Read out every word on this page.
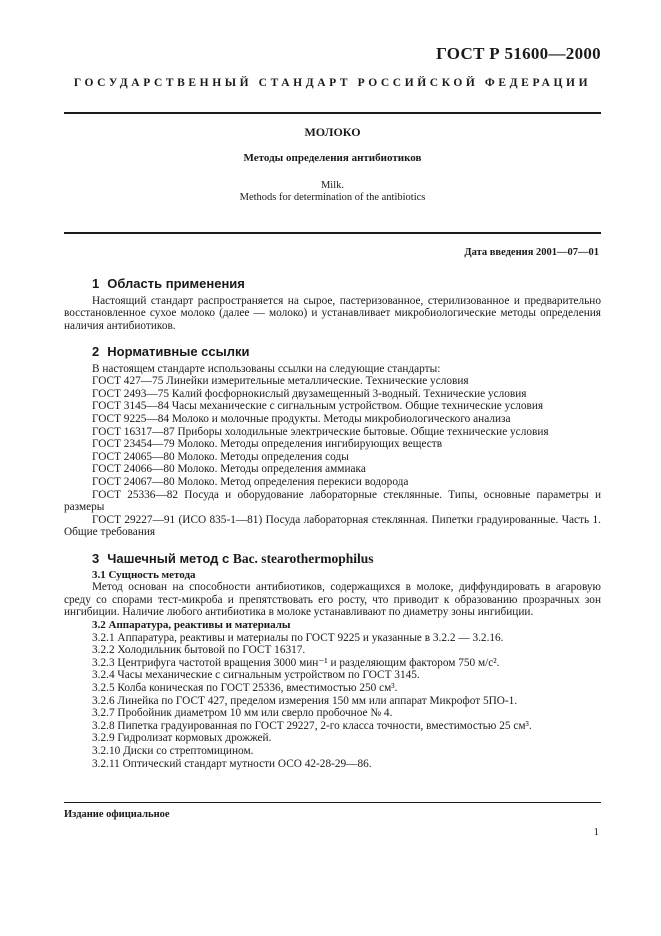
ГОСТ Р 51600—2000
ГОСУДАРСТВЕННЫЙ СТАНДАРТ РОССИЙСКОЙ ФЕДЕРАЦИИ
МОЛОКО
Методы определения антибиотиков
Milk.
Methods for determination of the antibiotics
Дата введения 2001—07—01

1 Область применения

Настоящий стандарт распространяется на сырое, пастеризованное, стерилизованное и предварительно восстановленное сухое молоко (далее — молоко) и устанавливает микробиологические методы определения наличия антибиотиков.

2 Нормативные ссылки

В настоящем стандарте использованы ссылки на следующие стандарты:

ГОСТ 427—75 Линейки измерительные металлические. Технические условия

ГОСТ 2493—75 Калий фосфорнокислый двузамещенный 3-водный. Технические условия

ГОСТ 3145—84 Часы механические с сигнальным устройством. Общие технические условия

ГОСТ 9225—84 Молоко и молочные продукты. Методы микробиологического анализа

ГОСТ 16317—87 Приборы холодильные электрические бытовые. Общие технические условия

ГОСТ 23454—79 Молоко. Методы определения ингибирующих веществ

ГОСТ 24065—80 Молоко. Методы определения соды

ГОСТ 24066—80 Молоко. Методы определения аммиака

ГОСТ 24067—80 Молоко. Метод определения перекиси водорода

ГОСТ 25336—82 Посуда и оборудование лабораторные стеклянные. Типы, основные параметры и размеры

ГОСТ 29227—91 (ИСО 835-1—81) Посуда лабораторная стеклянная. Пипетки градуированные. Часть 1. Общие требования

3 Чашечный метод с Bac. stearothermophilus

3.1 Сущность метода

Метод основан на способности антибиотиков, содержащихся в молоке, диффундировать в агаровую среду со спорами тест-микроба и препятствовать его росту, что приводит к образованию прозрачных зон ингибиции. Наличие любого антибиотика в молоке устанавливают по диаметру зоны ингибиции.

3.2 Аппаратура, реактивы и материалы

3.2.1 Аппаратура, реактивы и материалы по ГОСТ 9225 и указанные в 3.2.2 — 3.2.16.

3.2.2 Холодильник бытовой по ГОСТ 16317.

3.2.3 Центрифуга частотой вращения 3000 мин⁻¹ и разделяющим фактором 750 м/с².

3.2.4 Часы механические с сигнальным устройством по ГОСТ 3145.

3.2.5 Колба коническая по ГОСТ 25336, вместимостью 250 см³.

3.2.6 Линейка по ГОСТ 427, пределом измерения 150 мм или аппарат Микрофот 5ПО-1.

3.2.7 Пробойник диаметром 10 мм или сверло пробочное № 4.

3.2.8 Пипетка градуированная по ГОСТ 29227, 2-го класса точности, вместимостью 25 см³.

3.2.9 Гидролизат кормовых дрожжей.

3.2.10 Диски со стрептомицином.

3.2.11 Оптический стандарт мутности ОСО 42-28-29—86.

Издание официальное
1
